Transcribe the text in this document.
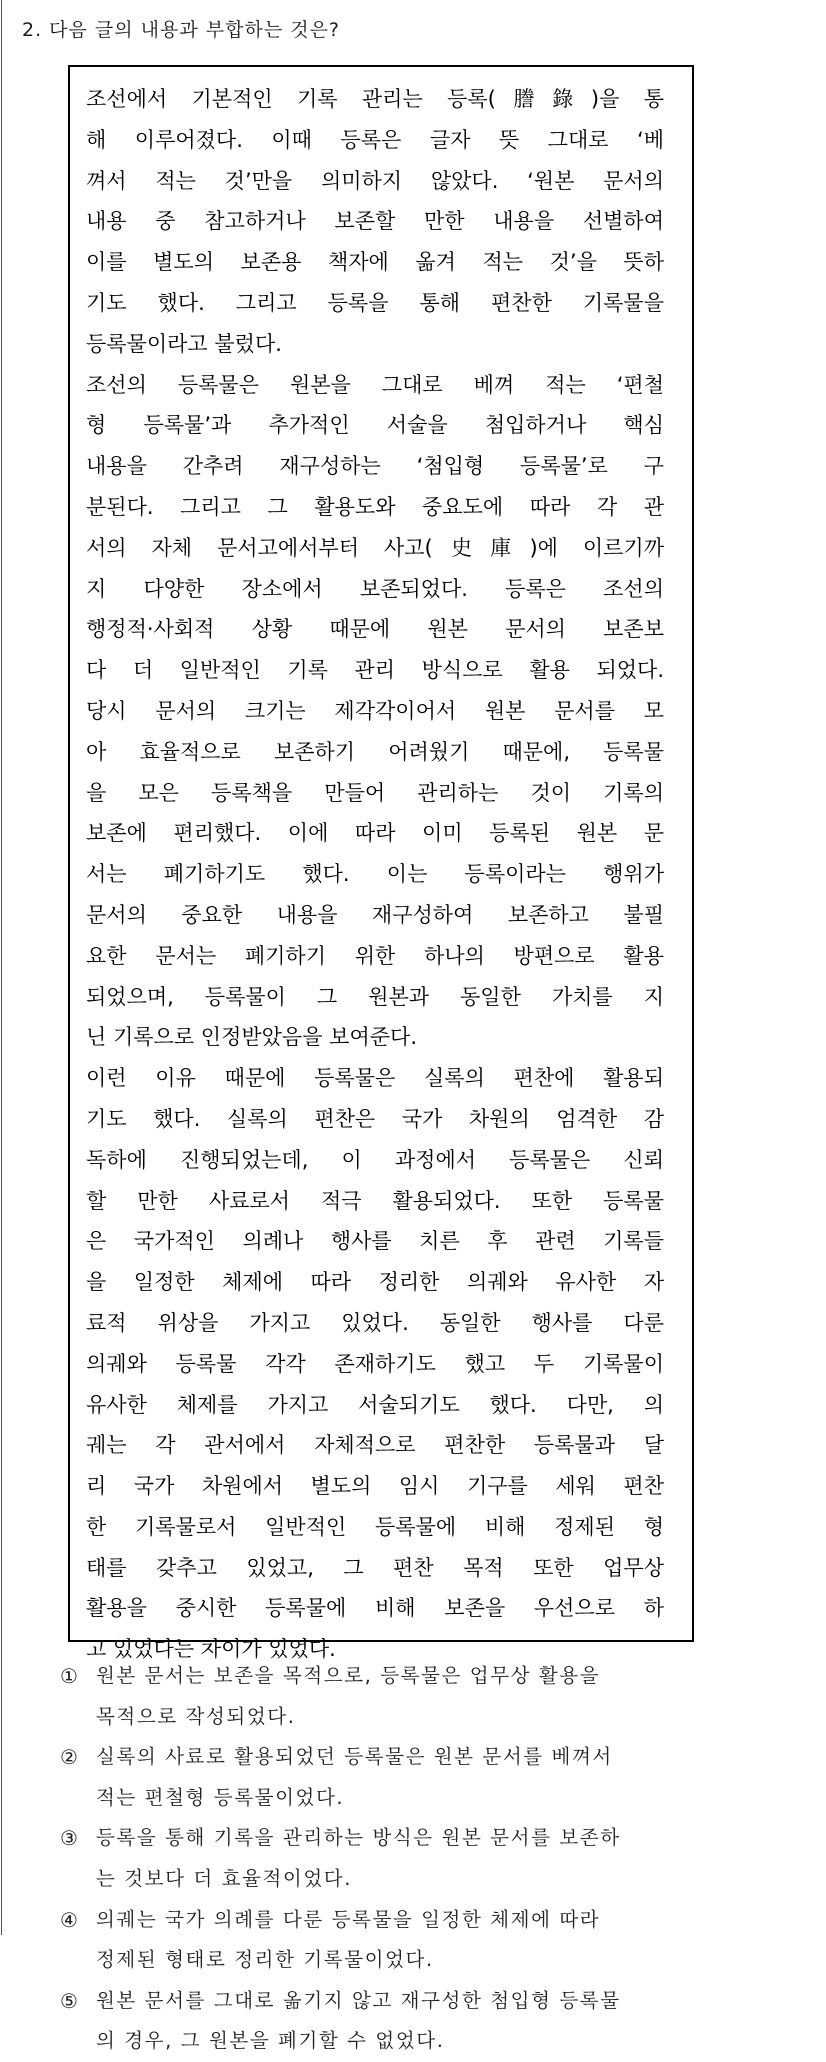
2. 다음 글의 내용과 부합하는 것은?
조선에서 기본적인 기록 관리는 등록(謄錄)을 통
해 이루어졌다. 이때 등록은 글자 뜻 그대로 ‘베
껴서 적는 것’만을 의미하지 않았다. ‘원본 문서의
내용 중 참고하거나 보존할 만한 내용을 선별하여
이를 별도의 보존용 책자에 옮겨 적는 것’을 뜻하
기도 했다. 그리고 등록을 통해 편찬한 기록물을
등록물이라고 불렀다.
조선의 등록물은 원본을 그대로 베껴 적는 ‘편철
형 등록물’과 추가적인 서술을 첨입하거나 핵심
내용을 간추려 재구성하는 ‘첨입형 등록물’로 구
분된다. 그리고 그 활용도와 중요도에 따라 각 관
서의 자체 문서고에서부터 사고(史庫)에 이르기까
지 다양한 장소에서 보존되었다. 등록은 조선의
행정적·사회적 상황 때문에 원본 문서의 보존보
다 더 일반적인 기록 관리 방식으로 활용 되었다.
당시 문서의 크기는 제각각이어서 원본 문서를 모
아 효율적으로 보존하기 어려웠기 때문에, 등록물
을 모은 등록책을 만들어 관리하는 것이 기록의
보존에 편리했다. 이에 따라 이미 등록된 원본 문
서는 폐기하기도 했다. 이는 등록이라는 행위가
문서의 중요한 내용을 재구성하여 보존하고 불필
요한 문서는 폐기하기 위한 하나의 방편으로 활용
되었으며, 등록물이 그 원본과 동일한 가치를 지
닌 기록으로 인정받았음을 보여준다.
이런 이유 때문에 등록물은 실록의 편찬에 활용되
기도 했다. 실록의 편찬은 국가 차원의 엄격한 감
독하에 진행되었는데, 이 과정에서 등록물은 신뢰
할 만한 사료로서 적극 활용되었다. 또한 등록물
은 국가적인 의례나 행사를 치른 후 관련 기록들
을 일정한 체제에 따라 정리한 의궤와 유사한 자
료적 위상을 가지고 있었다. 동일한 행사를 다룬
의궤와 등록물 각각 존재하기도 했고 두 기록물이
유사한 체제를 가지고 서술되기도 했다. 다만, 의
궤는 각 관서에서 자체적으로 편찬한 등록물과 달
리 국가 차원에서 별도의 임시 기구를 세워 편찬
한 기록물로서 일반적인 등록물에 비해 정제된 형
태를 갖추고 있었고, 그 편찬 목적 또한 업무상
활용을 중시한 등록물에 비해 보존을 우선으로 하
고 있었다는 차이가 있었다.
① 원본 문서는 보존을 목적으로, 등록물은 업무상 활용을
목적으로 작성되었다.
② 실록의 사료로 활용되었던 등록물은 원본 문서를 베껴서
적는 편철형 등록물이었다.
③ 등록을 통해 기록을 관리하는 방식은 원본 문서를 보존하
는 것보다 더 효율적이었다.
④ 의궤는 국가 의례를 다룬 등록물을 일정한 체제에 따라
정제된 형태로 정리한 기록물이었다.
⑤ 원본 문서를 그대로 옮기지 않고 재구성한 첨입형 등록물
의 경우, 그 원본을 폐기할 수 없었다.
